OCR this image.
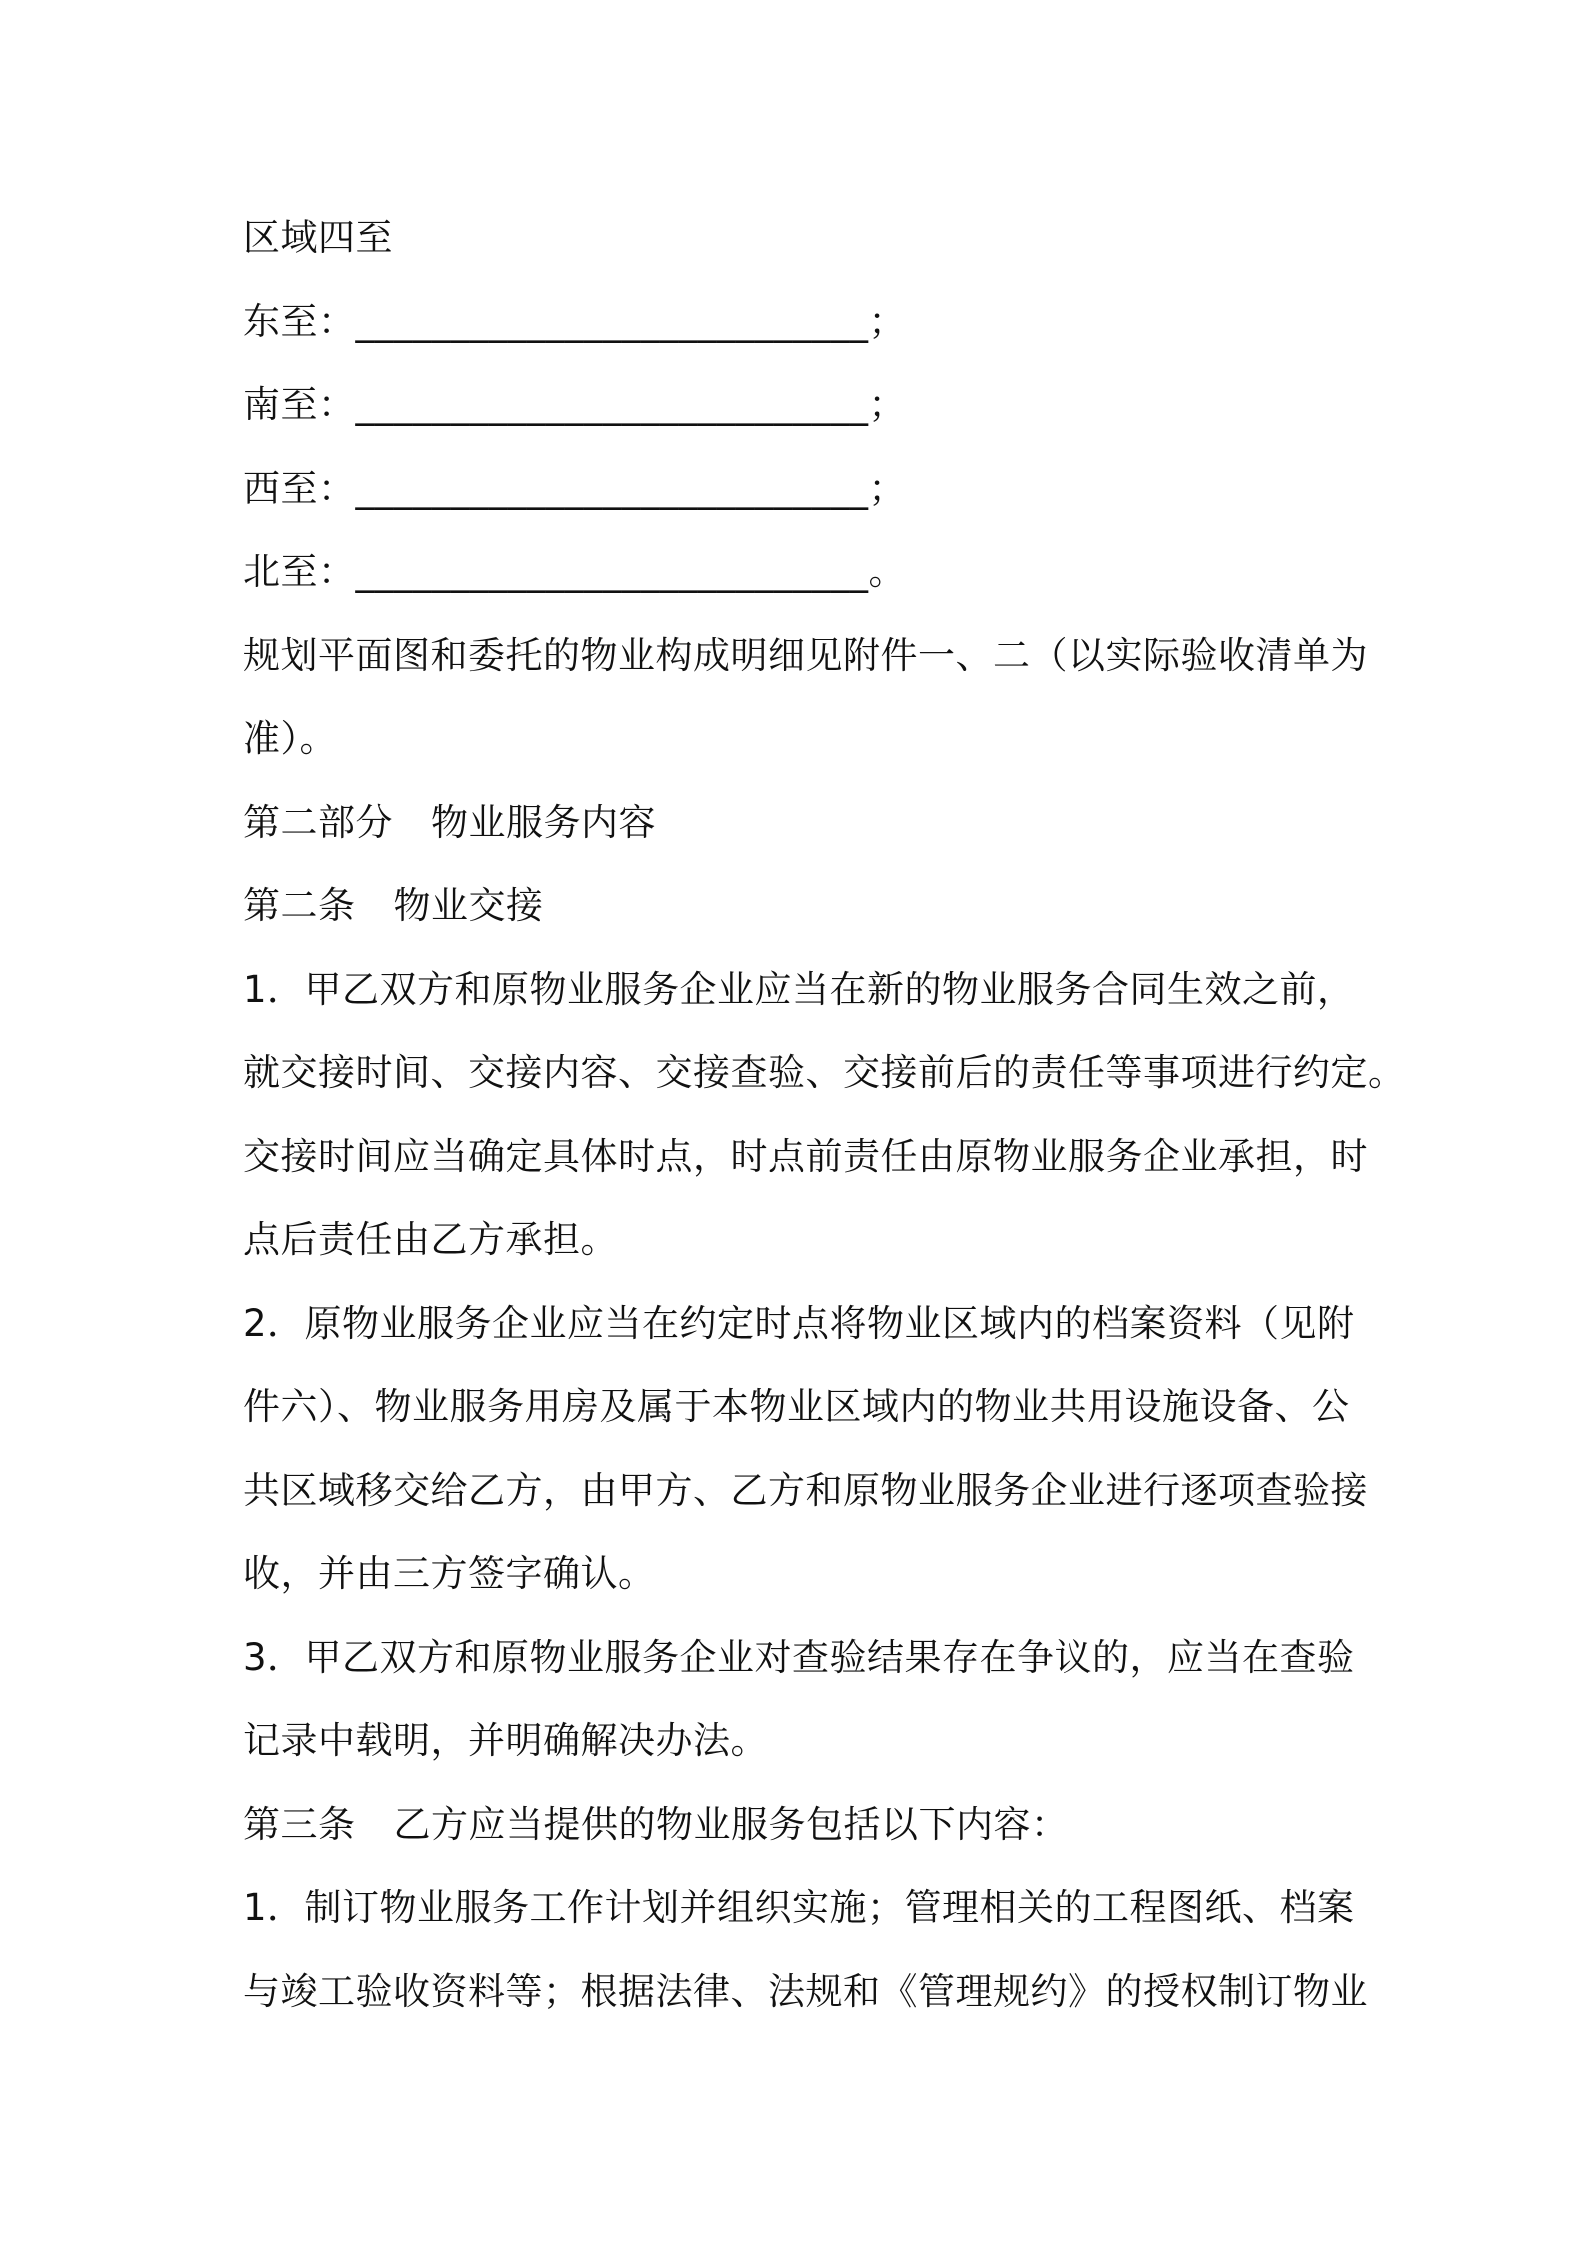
区域四至
东至：___________________________；
南至：___________________________；
西至：___________________________；
北至：___________________________。
规划平面图和委托的物业构成明细见附件一、二（以实际验收清单为
准）。
第二部分 物业服务内容
第二条 物业交接
1．甲乙双方和原物业服务企业应当在新的物业服务合同生效之前，
就交接时间、交接内容、交接查验、交接前后的责任等事项进行约定。
交接时间应当确定具体时点，时点前责任由原物业服务企业承担，时
点后责任由乙方承担。
2．原物业服务企业应当在约定时点将物业区域内的档案资料（见附
件六）、物业服务用房及属于本物业区域内的物业共用设施设备、公
共区域移交给乙方，由甲方、乙方和原物业服务企业进行逐项查验接
收，并由三方签字确认。
3．甲乙双方和原物业服务企业对查验结果存在争议的，应当在查验
记录中载明，并明确解决办法。
第三条 乙方应当提供的物业服务包括以下内容：
1．制订物业服务工作计划并组织实施；管理相关的工程图纸、档案
与竣工验收资料等；根据法律、法规和《管理规约》的授权制订物业
